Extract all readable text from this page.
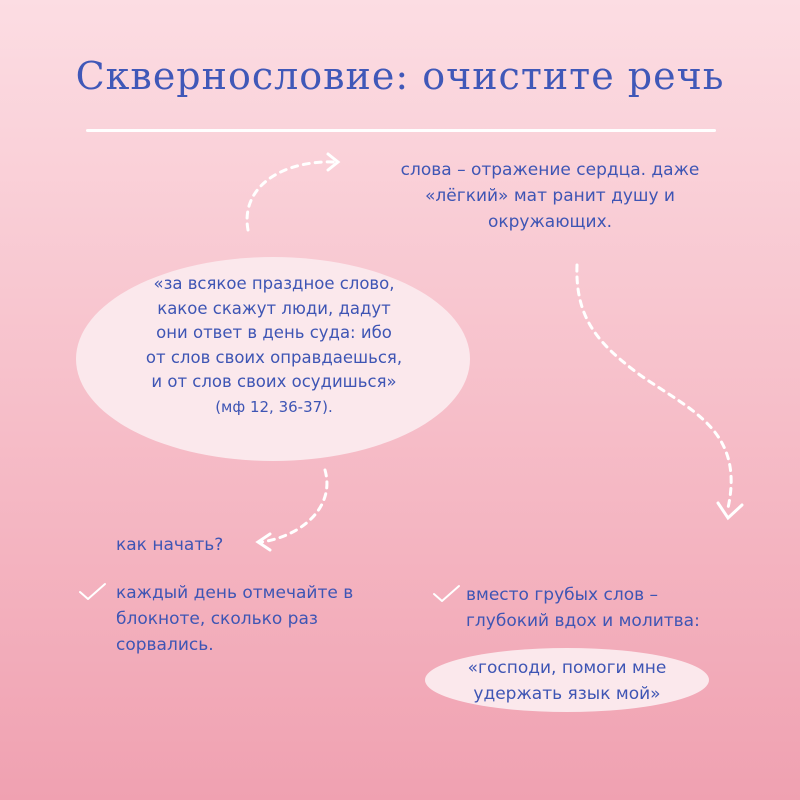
Сквернословие: очистите речь
слова – отражение сердца. даже
«лёгкий» мат ранит душу и
окружающих.
«за всякое праздное слово,
какое скажут люди, дадут
они ответ в день суда: ибо
от слов своих оправдаешься,
и от слов своих осудишься»
(мф 12, 36-37).
как начать?
каждый день отмечайте в
блокноте, сколько раз
сорвались.
вместо грубых слов –
глубокий вдох и молитва:
«господи, помоги мне
удержать язык мой»
